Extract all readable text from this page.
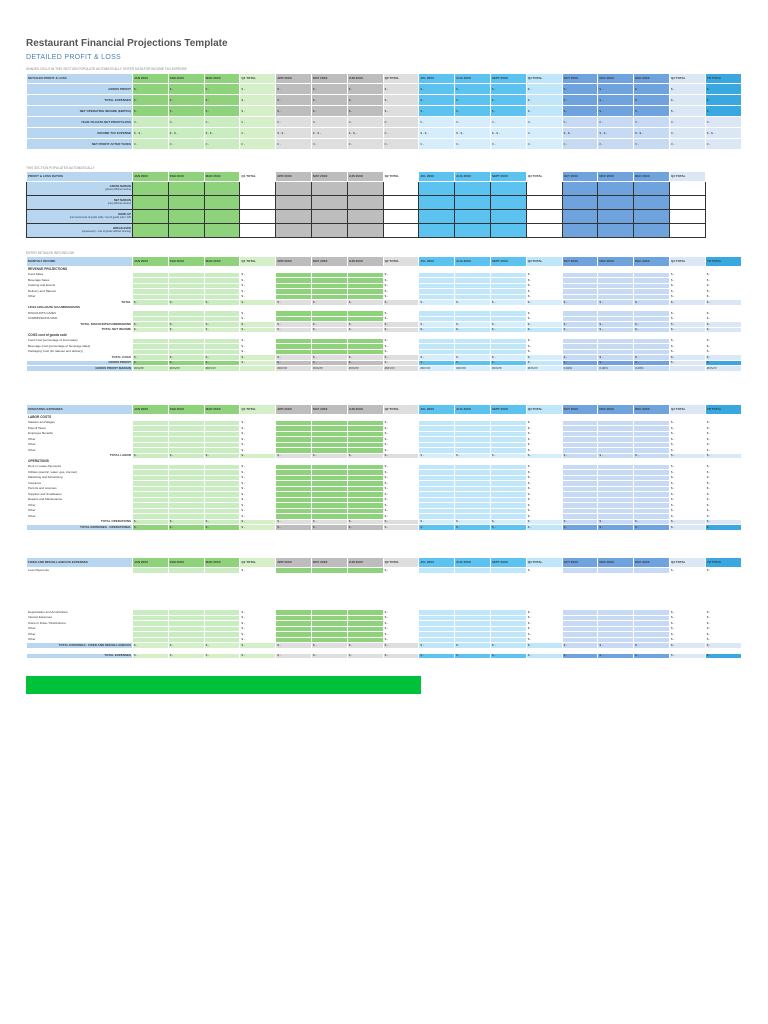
Restaurant Financial Projections Template
DETAILED PROFIT & LOSS
SHADED CELLS IN THIS SECTION POPULATE AUTOMATICALLY. ENTER DATA FOR INCOME TAX EXPENSE.
DETAILED PROFIT & LOSS	JAN 20XX	FEB 20XX	MAR 20XX	Q1 TOTAL	APR 20XX	MAY 20XX	JUN 20XX	Q2 TOTAL	JUL 20XX	AUG 20XX	SEPT 20XX	Q3 TOTAL	OCT 20XX	NOV 20XX	DEC 20XX	Q4 TOTAL	YR TOTAL
GROSS PROFIT	$ -	$ -	$ -	$ -	$ -	$ -	$ -	$ -	$ -	$ -	$ -	$ -	$ -	$ -	$ -	$ -	$ -
TOTAL EXPENSES	$ -	$ -	$ -	$ -	$ -	$ -	$ -	$ -	$ -	$ -	$ -	$ -	$ -	$ -	$ -	$ -	$ -
NET OPERATING INCOME (EBITDA)	$ -	$ -	$ -	$ -	$ -	$ -	$ -	$ -	$ -	$ -	$ -	$ -	$ -	$ -	$ -	$ -	$ -
YEAR-TO-DATE NET PROFIT/LOSS	0 -	0 -	0 -	0 -	0 -	0 -	0 -	0 -	0 -	0 -	0 -	0 -	0 -	0 -	0 -	0 -	0 -
INCOME TAX EXPENSE	$ - $ -	$ - $ -	$ - $ -	0 -	$ - $ -	$ - $ -	$ - $ -	0 -	$ - $ -	$ - $ -	$ - $ -	0 -	$ - $ -	$ - $ -	$ - $ -	0 -	$ - $ -
NET PROFIT AFTER TAXES	0 -	0 -	0 -	0 -	0 -	0 -	0 -	0 -	0 -	0 -	0 -	0 -	0 -	0 -	0 -	0 -	0 -
THIS SECTION POPULATES AUTOMATICALLY
PROFIT & LOSS RATIOS	JAN 20XX	FEB 20XX	MAR 20XX	Q1 TOTAL	APR 20XX	MAY 20XX	JUN 20XX	Q2 TOTAL	JUL 20XX	AUG 20XX	SEPT 20XX	Q3 TOTAL	OCT 20XX	NOV 20XX	DEC 20XX	Q4 TOTAL

GROSS MARGIN
(gross profit/net income)																

NET MARGIN
(net profit/net income)																

MARK-UP
(net income/cost of goods sold) / cost of goods sold × 100																

BREAK-EVEN
(expenses/(1 - cost of goods sold/net income))																

ENTER DETAILED INFO BELOW
MONTHLY INCOME	JAN 20XX	FEB 20XX	MAR 20XX	Q1 TOTAL	APR 20XX	MAY 20XX	JUN 20XX	Q2 TOTAL	JUL 20XX	AUG 20XX	SEPT 20XX	Q3 TOTAL	OCT 20XX	NOV 20XX	DEC 20XX	Q4 TOTAL	YR TOTAL
REVENUE PROJECTIONS																	
Food Sales				$ -				$ -				$ -				$ -	$ -
Beverage Sales				$ -				$ -				$ -				$ -	$ -
Catering and Events				$ -				$ -				$ -				$ -	$ -
Delivery and Takeout				$ -				$ -				$ -				$ -	$ -
Other				$ -				$ -				$ -				$ -	$ -
TOTAL	$ -	$ -	$ -	$ -	$ -	$ -	$ -	$ -	$ -	$ -	$ -	$ -	$ -	$ -	$ -	$ -	$ -
LESS DISCOUNTS/COMMISSIONS																	
DISCOUNTS GIVEN				$ -				$ -				$ -				$ -	$ -
COMMISSIONS PAID				$ -				$ -				$ -				$ -	$ -
TOTAL DISCOUNTS/COMMISSIONS	$ -	$ -	$ -	$ -	$ -	$ -	$ -	$ -	$ -	$ -	$ -	$ -	$ -	$ -	$ -	$ -	$ -
TOTAL NET INCOME	$ -	$ -	$ -	$ -	$ -	$ -	$ -	$ -	$ -	$ -	$ -	$ -	$ -	$ -	$ -	$ -	$ -
COGS cost of goods sold																	
Food Cost (percentage of food sales)				$ -				$ -				$ -				$ -	$ -
Beverage Cost (percentage of beverage sales)				$ -				$ -				$ -				$ -	$ -
Packaging Cost (for takeout and delivery)				$ -				$ -				$ -				$ -	$ -
TOTAL COGS	$ -	$ -	$ -	$ -	$ -	$ -	$ -	$ -	$ -	$ -	$ -	$ -	$ -	$ -	$ -	$ -	$ -
GROSS PROFIT	$ -	$ -	$ -	$ -	$ -	$ -	$ -	$ -	$ -	$ -	$ -	$ -	$ -	$ -	$ -	$ -	$ -
GROSS PROFIT MARGIN	#DIV/0!	#DIV/0!	#DIV/0!		#DIV/0!	#DIV/0!	#DIV/0!	#DIV/0!	#DIV/0!	#DIV/0!	#DIV/0!	#DIV/0!	0.00%	0.00%	0.00%		#DIV/0!
OPERATING EXPENSES	JAN 20XX	FEB 20XX	MAR 20XX	Q1 TOTAL	APR 20XX	MAY 20XX	JUN 20XX	Q2 TOTAL	JUL 20XX	AUG 20XX	SEPT 20XX	Q3 TOTAL	OCT 20XX	NOV 20XX	DEC 20XX	Q4 TOTAL	YR TOTAL
LABOR COSTS																	
Salaries and Wages				$ -				$ -				$ -				$ -	$ -
Payroll Taxes				$ -				$ -				$ -				$ -	$ -
Employee Benefits				$ -				$ -				$ -				$ -	$ -
Other				$ -				$ -				$ -				$ -	$ -
Other				$ -				$ -				$ -				$ -	$ -
Other				$ -				$ -				$ -				$ -	$ -
TOTAL LABOR	$ -	$ -	$ -	$ -	$ -	$ -	$ -	$ -	$ -	$ -	$ -	$ -	$ -	$ -	$ -	$ -	$ -
OPERATIONS																	
Rent or Lease Payments				$ -				$ -				$ -				$ -	$ -
Utilities (electric, water, gas, internet)				$ -				$ -				$ -				$ -	$ -
Marketing and Advertising				$ -				$ -				$ -				$ -	$ -
Insurance				$ -				$ -				$ -				$ -	$ -
Permits and Licenses				$ -				$ -				$ -				$ -	$ -
Supplies and Smallwares				$ -				$ -				$ -				$ -	$ -
Repairs and Maintenance				$ -				$ -				$ -				$ -	$ -
Other				$ -				$ -				$ -				$ -	$ -
Other				$ -				$ -				$ -				$ -	$ -
Other				$ -				$ -				$ -				$ -	$ -
TOTAL OPERATIONS	$ -	$ -	$ -	$ -	$ -	$ -	$ -	$ -	$ -	$ -	$ -	$ -	$ -	$ -	$ -	$ -	$ -
TOTAL EXPENSES - OPERATIONAL	$ -	$ -	$ -	$ -	$ -	$ -	$ -	$ -	$ -	$ -	$ -	$ -	$ -	$ -	$ -	$ -	$ -
FIXED AND MISCELLANEOUS EXPENSES	JAN 20XX	FEB 20XX	MAR 20XX	Q1 TOTAL	APR 20XX	MAY 20XX	JUN 20XX	Q2 TOTAL	JUL 20XX	AUG 20XX	SEPT 20XX	Q3 TOTAL	OCT 20XX	NOV 20XX	DEC 20XX	Q4 TOTAL	YR TOTAL
Loan Payments				$ -				$ -				$ -				$ -	$ -
Depreciation and Amortization				$ -				$ -				$ -				$ -	$ -
Interest Expenses				$ -				$ -				$ -				$ -	$ -
Owner's Draw / Distributions				$ -				$ -				$ -				$ -	$ -
Other				$ -				$ -				$ -				$ -	$ -
Other				$ -				$ -				$ -				$ -	$ -
Other				$ -				$ -				$ -				$ -	$ -

TOTAL EXPENSES - FIXED AND MISCELLANEOUS	$ -	$ -	$ -	$ -	$ -	$ -	$ -	$ -	$ -	$ -	$ -	$ -	$ -	$ -	$ -	$ -	$ -

TOTAL EXPENSES	$ -	$ -	$ -	$ -	$ -	$ -	$ -	$ -	$ -	$ -	$ -	$ -	$ -	$ -	$ -	$ -	$ -
